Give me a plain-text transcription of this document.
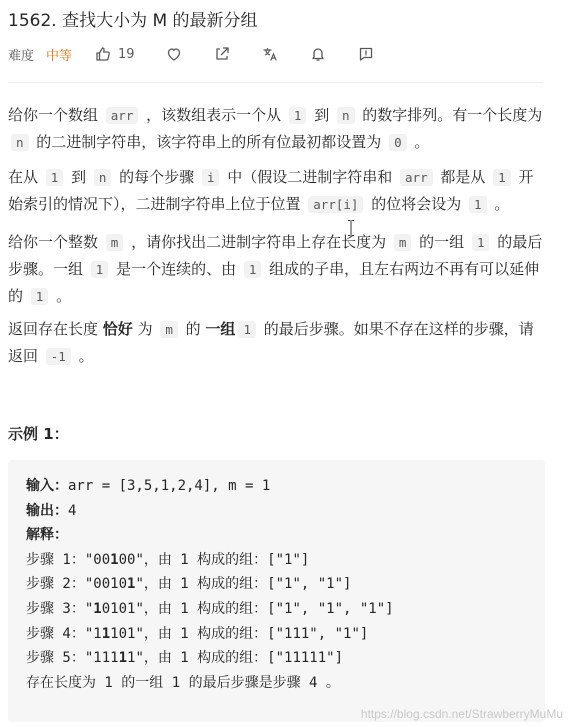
1562. 查找大小为 M 的最新分组
难度 中等	19

给你一个数组 arr ，该数组表示一个从 1 到 n 的数字排列。有一个长度为 n 的二进制字符串，该字符串上的所有位最初都设置为 0 。

在从 1 到 n 的每个步骤 i 中（假设二进制字符串和 arr 都是从 1 开始索引的情况下），二进制字符串上位于位置 arr[i] 的位将会设为 1 。

给你一个整数 m ，请你找出二进制字符串上存在长度为 m 的一组 1 的最后步骤。一组 1 是一个连续的、由 1 组成的子串，且左右两边不再有可以延伸的 1 。

返回存在长度 恰好 为 m 的 一组 1 的最后步骤。如果不存在这样的步骤，请返回 -1 。

示例 1：
输入：arr = [3,5,1,2,4], m = 1
输出：4
解释：
步骤 1："00100"，由 1 构成的组：["1"]
步骤 2："00101"，由 1 构成的组：["1", "1"]
步骤 3："10101"，由 1 构成的组：["1", "1", "1"]
步骤 4："11101"，由 1 构成的组：["111", "1"]
步骤 5："11111"，由 1 构成的组：["11111"]
存在长度为 1 的一组 1 的最后步骤是步骤 4 。
https://blog.csdn.net/StrawberryMuMu
